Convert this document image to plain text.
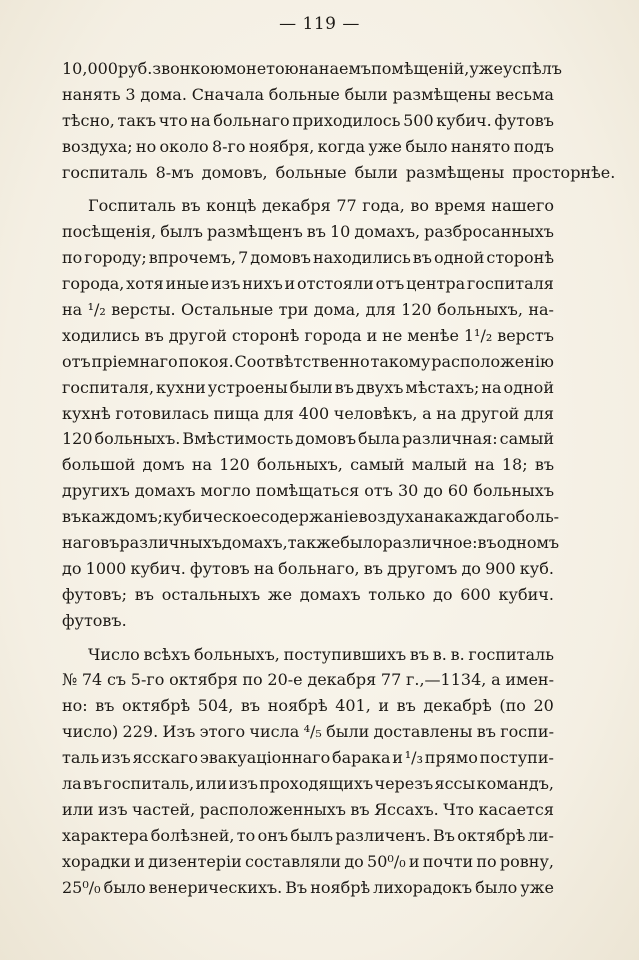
— 119 —
10,000 руб. звонкою монетою на наемъ помѣщеній, уже успѣлъ
нанять 3 дома. Сначала больные были размѣщены весьма
тѣсно, такъ что на больнаго приходилось 500 кубич. футовъ
воздуха; но около 8-го ноября, когда уже было нанято подъ
госпиталь 8-мъ домовъ, больные были размѣщены просторнѣе.
Госпиталь въ концѣ декабря 77 года, во время нашего
посѣщенія, былъ размѣщенъ въ 10 домахъ, разбросанныхъ
по городу; впрочемъ, 7 домовъ находились въ одной сторонѣ
города, хотя иные изъ нихъ и отстояли отъ центра госпиталя
на ¹/₂ версты. Остальные три дома, для 120 больныхъ, на-
ходились въ другой сторонѣ города и не менѣе 1¹/₂ верстъ
отъ пріемнаго покоя. Соотвѣтственно такому расположенію
госпиталя, кухни устроены были въ двухъ мѣстахъ; на одной
кухнѣ готовилась пища для 400 человѣкъ, а на другой для
120 больныхъ. Вмѣстимость домовъ была различная: самый
большой домъ на 120 больныхъ, самый малый на 18; въ
другихъ домахъ могло помѣщаться отъ 30 до 60 больныхъ
въ каждомъ; кубическое содержаніе воздуха на каждаго боль-
наго въ различныхъ домахъ, также было различное: въ одномъ
до 1000 кубич. футовъ на больнаго, въ другомъ до 900 куб.
футовъ; въ остальныхъ же домахъ только до 600 кубич.
футовъ.
Число всѣхъ больныхъ, поступившихъ въ в. в. госпиталь
№ 74 съ 5-го октября по 20-е декабря 77 г.,—1134, а имен-
но: въ октябрѣ 504, въ ноябрѣ 401, и въ декабрѣ (по 20
число) 229. Изъ этого числа ⁴/₅ были доставлены въ госпи-
таль изъ ясскаго эвакуаціоннаго барака и ¹/₃ прямо поступи-
ла въ госпиталь, или изъ проходящихъ черезъ яссы командъ,
или изъ частей, расположенныхъ въ Яссахъ. Что касается
характера болѣзней, то онъ былъ различенъ. Въ октябрѣ ли-
хорадки и дизентеріи составляли до 50⁰/₀ и почти по ровну,
25⁰/₀ было венерическихъ. Въ ноябрѣ лихорадокъ было уже
